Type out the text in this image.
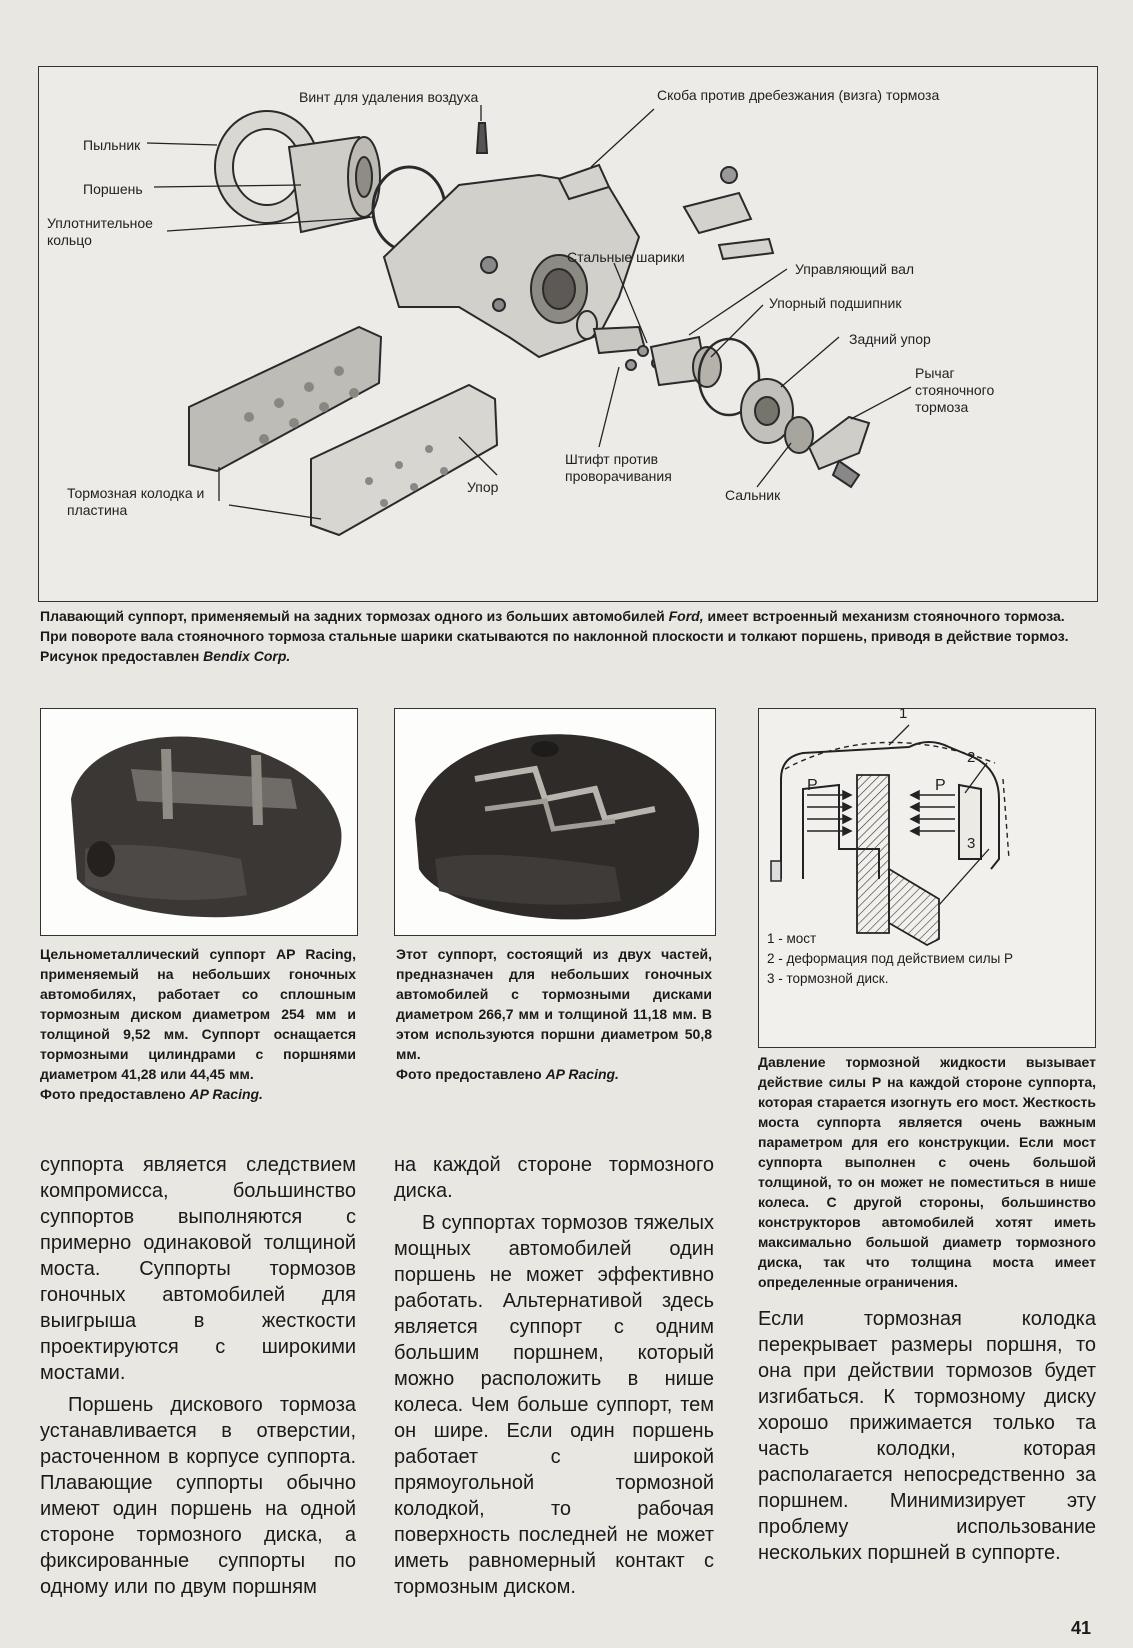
Винт для удаления воздуха	Скоба против дребезжания (визга) тормоза
Пыльник
Поршень
Уплотнительное кольцо
Стальные шарики
Управляющий вал
Упорный подшипник
Задний упор
Рычаг стояночного тормоза
Тормозная колодка и пластина
Упор
Штифт против проворачивания
Сальник
Плавающий суппорт, применяемый на задних тормозах одного из больших автомобилей Ford, имеет встроенный механизм стояночного тормоза. При повороте вала стояночного тормоза стальные шарики скатываются по наклонной плоскости и толкают поршень, приводя в действие тормоз.
Рисунок предоставлен Bendix Corp.
Цельнометаллический суппорт AP Racing, применяемый на небольших гоночных автомобилях, работает со сплошным тормозным диском диаметром 254 мм и толщиной 9,52 мм. Суппорт оснащается тормозными цилиндрами с поршнями диаметром 41,28 или 44,45 мм.
Фото предоставлено AP Racing.
Этот суппорт, состоящий из двух частей, предназначен для небольших гоночных автомобилей с тормозными дисками диаметром 266,7 мм и толщиной 11,18 мм. В этом используются поршни диаметром 50,8 мм.
Фото предоставлено AP Racing.
1
2
3
P	P
1 - мост
2 - деформация под действием силы Р
3 - тормозной диск.
Давление тормозной жидкости вызывает действие силы Р на каждой стороне суппорта, которая старается изогнуть его мост. Жесткость моста суппорта является очень важным параметром для его конструкции. Если мост суппорта выполнен с очень большой толщиной, то он может не поместиться в нише колеса. С другой стороны, большинство конструкторов автомобилей хотят иметь максимально большой диаметр тормозного диска, так что толщина моста имеет определенные ограничения.

суппорта является следствием компромисса, большинство суппортов выполняются с примерно одинаковой толщиной моста. Суппорты тормозов гоночных автомобилей для выигрыша в жесткости проектируются с широкими мостами.

Поршень дискового тормоза устанавливается в отверстии, расточенном в корпусе суппорта. Плавающие суппорты обычно имеют один поршень на одной стороне тормозного диска, а фиксированные суппорты по одному или по двум поршням

на каждой стороне тормозного диска.

В суппортах тормозов тяжелых мощных автомобилей один поршень не может эффективно работать. Альтернативой здесь является суппорт с одним большим поршнем, который можно расположить в нише колеса. Чем больше суппорт, тем он шире. Если один поршень работает с широкой прямоугольной тормозной колодкой, то рабочая поверхность последней не может иметь равномерный контакт с тормозным диском.

Если тормозная колодка перекрывает размеры поршня, то она при действии тормозов будет изгибаться. К тормозному диску хорошо прижимается только та часть колодки, которая располагается непосредственно за поршнем. Минимизирует эту проблему использование нескольких поршней в суппорте.

41
